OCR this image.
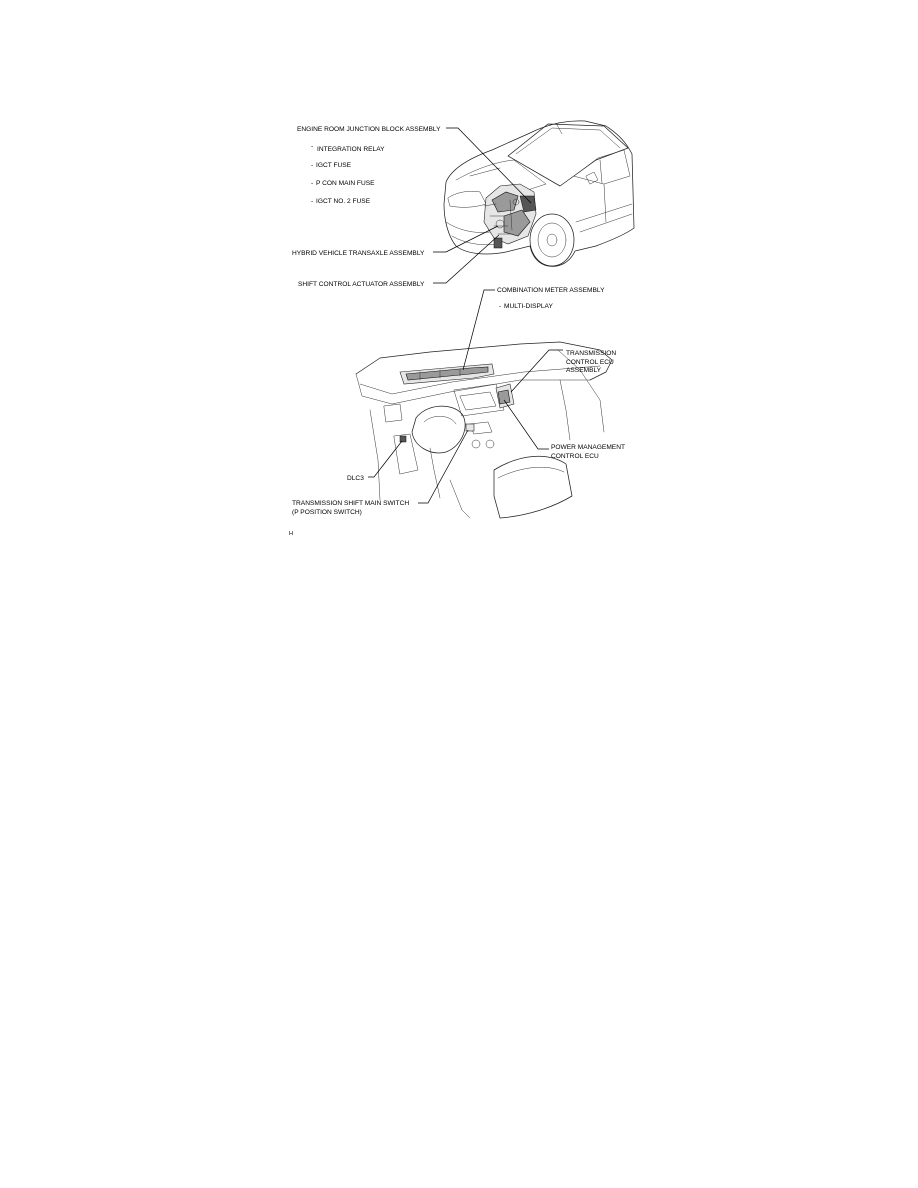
ENGINE ROOM JUNCTION BLOCK ASSEMBLY
- INTEGRATION RELAY
- IGCT FUSE
- P CON MAIN FUSE
- IGCT NO. 2 FUSE
HYBRID VEHICLE TRANSAXLE ASSEMBLY
SHIFT CONTROL ACTUATOR ASSEMBLY
COMBINATION METER ASSEMBLY
- MULTI-DISPLAY
TRANSMISSION
CONTROL ECU
ASSEMBLY
POWER MANAGEMENT
CONTROL ECU
DLC3
TRANSMISSION SHIFT MAIN SWITCH
(P POSITION SWITCH)
H
